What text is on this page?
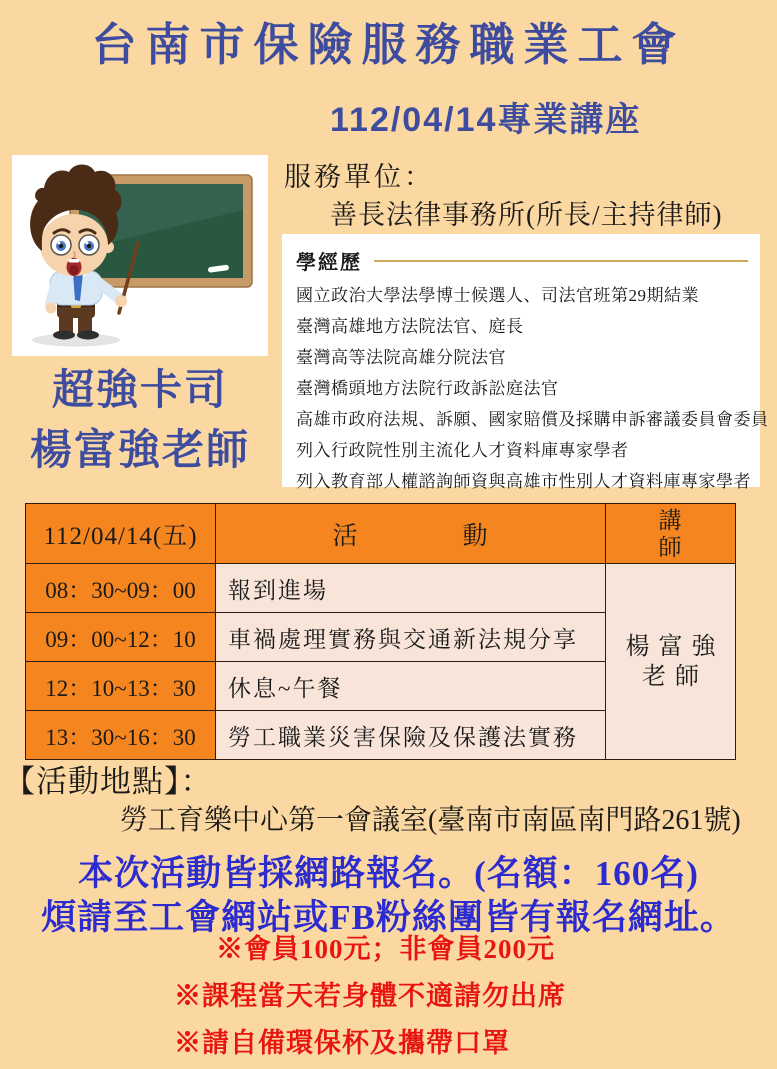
台南市保險服務職業工會
112/04/14專業講座
超強卡司
楊富強老師
服務單位：
善長法律事務所(所長/主持律師)
學經歷
國立政治大學法學博士候選人、司法官班第29期結業
臺灣高雄地方法院法官、庭長
臺灣高等法院高雄分院法官
臺灣橋頭地方法院行政訴訟庭法官
高雄市政府法規、訴願、國家賠償及採購申訴審議委員會委員
列入行政院性別主流化人才資料庫專家學者
列入教育部人權諮詢師資與高雄市性別人才資料庫專家學者
112/04/14(五)	活　　　　動	講師

08：30~09：00	報到進場	楊富強
老師

09：00~12：10	車禍處理實務與交通新法規分享	
12：10~13：30	休息~午餐	
13：30~16：30	勞工職業災害保險及保護法實務	
【活動地點】：
勞工育樂中心第一會議室(臺南市南區南門路261號)
本次活動皆採網路報名。(名額：160名)
煩請至工會網站或FB粉絲團皆有報名網址。
※會員100元；非會員200元
※課程當天若身體不適請勿出席
※請自備環保杯及攜帶口罩
